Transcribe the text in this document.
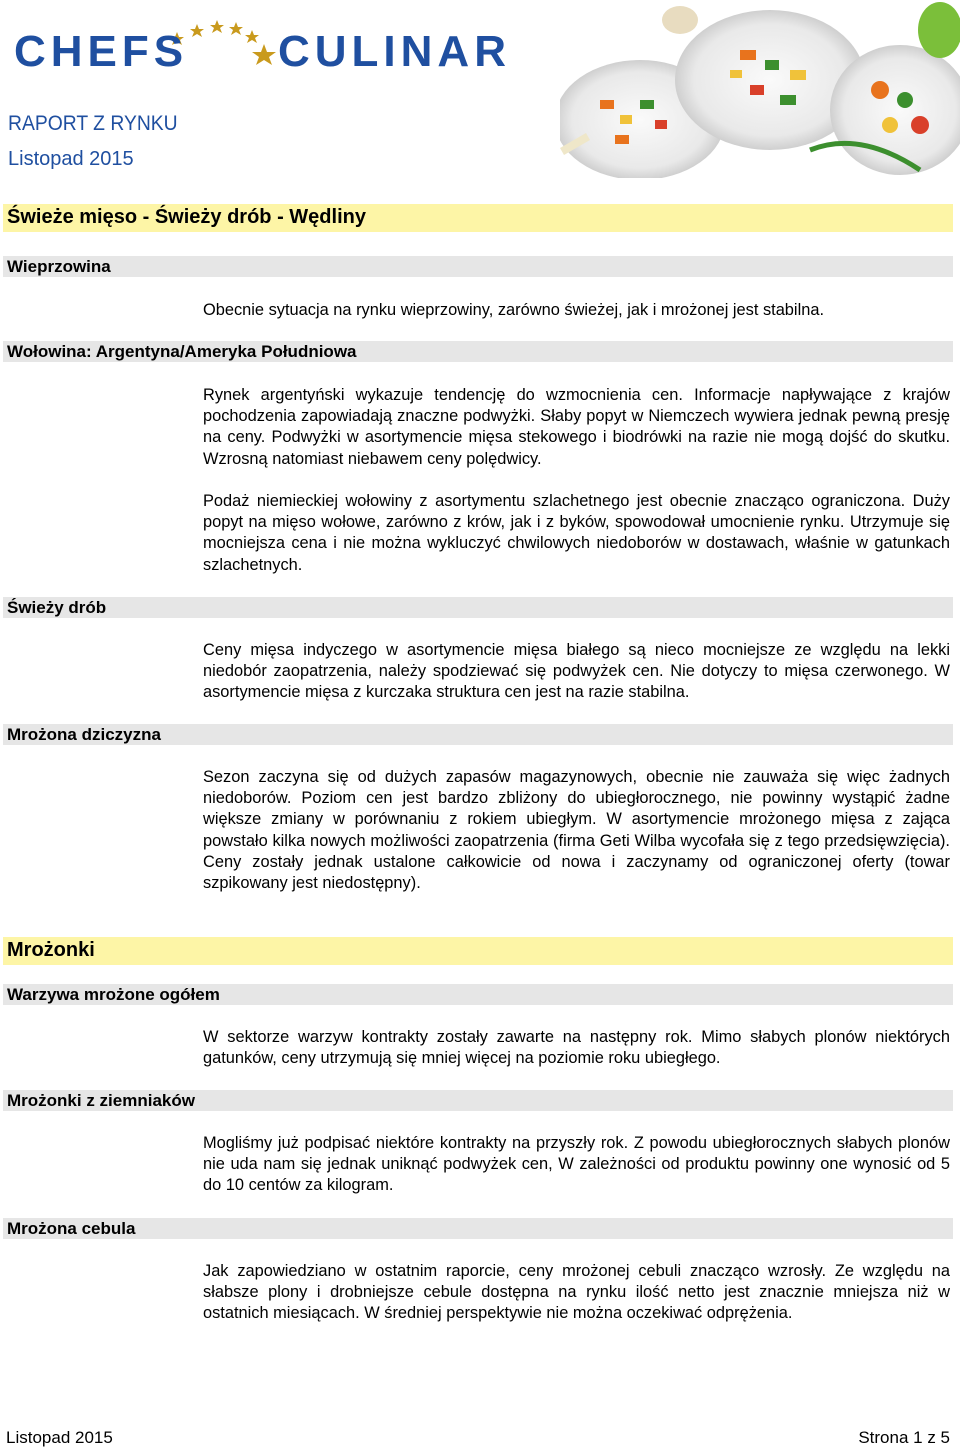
CHEFS CULINAR
RAPORT Z RYNKU
Listopad 2015
Świeże mięso - Świeży drób - Wędliny
Wieprzowina
Obecnie sytuacja na rynku wieprzowiny, zarówno świeżej, jak i mrożonej jest stabilna.
Wołowina: Argentyna/Ameryka Południowa
Rynek argentyński wykazuje tendencję do wzmocnienia cen. Informacje napływające z krajów pochodzenia zapowiadają znaczne podwyżki. Słaby popyt w Niemczech wywiera jednak pewną presję na ceny. Podwyżki w asortymencie mięsa stekowego i biodrówki na razie nie mogą dojść do skutku. Wzrosną natomiast niebawem ceny polędwicy.
Podaż niemieckiej wołowiny z asortymentu szlachetnego jest obecnie znacząco ograniczona. Duży popyt na mięso wołowe, zarówno z krów, jak i z byków, spowodował umocnienie rynku. Utrzymuje się mocniejsza cena i nie można wykluczyć chwilowych niedoborów w dostawach, właśnie w gatunkach szlachetnych.
Świeży drób
Ceny mięsa indyczego w asortymencie mięsa białego są nieco mocniejsze ze względu na lekki niedobór zaopatrzenia, należy spodziewać się podwyżek cen. Nie dotyczy to mięsa czerwonego. W asortymencie mięsa z kurczaka struktura cen jest na razie stabilna.
Mrożona dziczyzna
Sezon zaczyna się od dużych zapasów magazynowych, obecnie nie zauważa się więc żadnych niedoborów. Poziom cen jest bardzo zbliżony do ubiegłorocznego, nie powinny wystąpić żadne większe zmiany w porównaniu z rokiem ubiegłym. W asortymencie mrożonego mięsa z zająca powstało kilka nowych możliwości zaopatrzenia (firma Geti Wilba wycofała się z tego przedsięwzięcia). Ceny zostały jednak ustalone całkowicie od nowa i zaczynamy od ograniczonej oferty (towar szpikowany jest niedostępny).
Mrożonki
Warzywa mrożone ogółem
W sektorze warzyw kontrakty zostały zawarte na następny rok. Mimo słabych plonów niektórych gatunków, ceny utrzymują się mniej więcej na poziomie roku ubiegłego.
Mrożonki z ziemniaków
Mogliśmy już podpisać niektóre kontrakty na przyszły rok. Z powodu ubiegłorocznych słabych plonów nie uda nam się jednak uniknąć podwyżek cen, W zależności od produktu powinny one wynosić od 5 do 10 centów za kilogram.
Mrożona cebula
Jak zapowiedziano w ostatnim raporcie, ceny mrożonej cebuli znacząco wzrosły. Ze względu na słabsze plony i drobniejsze cebule dostępna na rynku ilość netto jest znacznie mniejsza niż w ostatnich miesiącach. W średniej perspektywie nie można oczekiwać odprężenia.
Listopad 2015	Strona 1 z 5
